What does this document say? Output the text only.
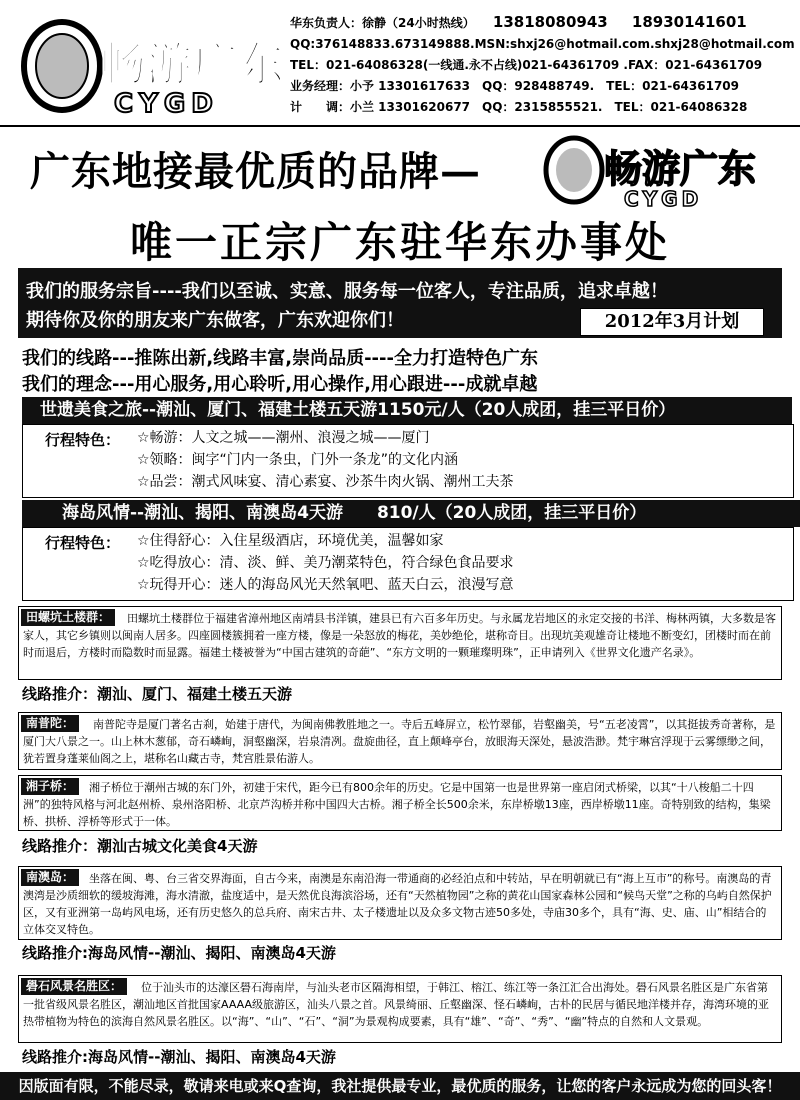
畅游广东
CYGD
华东负责人：徐静（24小时热线） 13818080943 18930141601
QQ:376148833.673149888.MSN:shxj26@hotmail.com.shxj28@hotmail.com
TEL：021-64086328(一线通.永不占线)021-64361709 .FAX：021-64361709
业务经理：小予 13301617633　QQ：928488749.　TEL：021-64361709
计　　调：小兰 13301620677　QQ：2315855521.　TEL：021-64086328
广东地接最优质的品牌—	畅游广东
CYGD
唯一正宗广东驻华东办事处
我们的服务宗旨----我们以至诚、实意、服务每一位客人，专注品质，追求卓越！
期待你及你的朋友来广东做客，广东欢迎你们！	2012年3月计划
我们的线路---推陈出新,线路丰富,崇尚品质----全力打造特色广东
我们的理念---用心服务,用心聆听,用心操作,用心跟进---成就卓越
世遗美食之旅--潮汕、厦门、福建土楼五天游1150元/人（20人成团，挂三平日价）
行程特色： ☆畅游：人文之城——潮州、浪漫之城——厦门
☆领略：闽字“门内一条虫，门外一条龙”的文化内涵
☆品尝：潮式风味宴、清心素宴、沙茶牛肉火锅、潮州工夫茶
海岛风情--潮汕、揭阳、南澳岛4天游　　810/人（20人成团，挂三平日价）
行程特色： ☆住得舒心：入住星级酒店，环境优美，温馨如家
☆吃得放心：清、淡、鲜、美乃潮菜特色，符合绿色食品要求
☆玩得开心：迷人的海岛风光天然氧吧、蓝天白云，浪漫写意
田螺坑土楼群：	田螺坑土楼群位于福建省漳州地区南靖县书洋镇，建县已有六百多年历史。与永属龙岩地区的永定交接的书洋、梅林两镇，大多数是客家人，其它乡镇则以闽南人居多。四座圆楼簇拥着一座方楼，像是一朵怒放的梅花，美妙绝伦，堪称奇目。出现坑美观雄奇让楼地不断变幻，团楼时而在前时而退后，方楼时而隐数时而显露。福建土楼被誉为“中国古建筑的奇葩”、“东方文明的一颗璀璨明珠”，正申请列入《世界文化遗产名录》。
线路推介：潮汕、厦门、福建土楼五天游
南普陀：	南普陀寺是厦门著名古刹，始建于唐代，为闽南佛教胜地之一。寺后五峰屏立，松竹翠郁，岩壑幽美，号“五老凌霄”，以其挺拔秀奇著称，是厦门大八景之一。山上林木葱郁，奇石嶙峋，洞壑幽深，岩泉清冽。盘旋曲径，直上颠峰亭台，放眼海天深处，悬波浩渺。梵宇琳宫浮现于云雾缥缈之间，犹若置身蓬莱仙阁之上，堪称名山藏古寺，梵宫胜景佑游人。
湘子桥：	湘子桥位于潮州古城的东门外，初建于宋代，距今已有800余年的历史。它是中国第一也是世界第一座启闭式桥梁，以其“十八梭船二十四洲”的独特风格与河北赵州桥、泉州洛阳桥、北京芦沟桥并称中国四大古桥。湘子桥全长500余米，东岸桥墩13座，西岸桥墩11座。奇特别致的结构，集梁桥、拱桥、浮桥等形式于一体。
线路推介：潮汕古城文化美食4天游
南澳岛：	坐落在闽、粤、台三省交界海面，自古今来，南澳是东南沿海一带通商的必经泊点和中转站，早在明朝就已有“海上互市”的称号。南澳岛的青澳湾是沙质细软的缓坡海滩，海水清澈，盐度适中，是天然优良海滨浴场，还有“天然植物园”之称的黄花山国家森林公园和“候鸟天堂”之称的乌屿自然保护区，又有亚洲第一岛屿风电场，还有历史悠久的总兵府、南宋古井、太子楼遗址以及众多文物古迹50多处，寺庙30多个，具有“海、史、庙、山”相结合的立体交叉特色。
线路推介:海岛风情--潮汕、揭阳、南澳岛4天游
礐石风景名胜区：	位于汕头市的达濠区礐石海南岸，与汕头老市区隔海相望，于韩江、榕江、练江等一条江汇合出海处。礐石风景名胜区是广东省第一批省级风景名胜区，潮汕地区首批国家AAAA级旅游区，汕头八景之首。风景绮丽、丘壑幽深、怪石嶙峋，古朴的民居与循民地洋楼并存，海湾环境的亚热带植物为特色的滨海自然风景名胜区。以“海”、“山”、“石”、“洞”为景观构成要素，具有“雄”、“奇”、“秀”、“幽”特点的自然和人文景观。
线路推介:海岛风情--潮汕、揭阳、南澳岛4天游
因版面有限，不能尽录，敬请来电或来Q查询，我社提供最专业，最优质的服务，让您的客户永远成为您的回头客！
